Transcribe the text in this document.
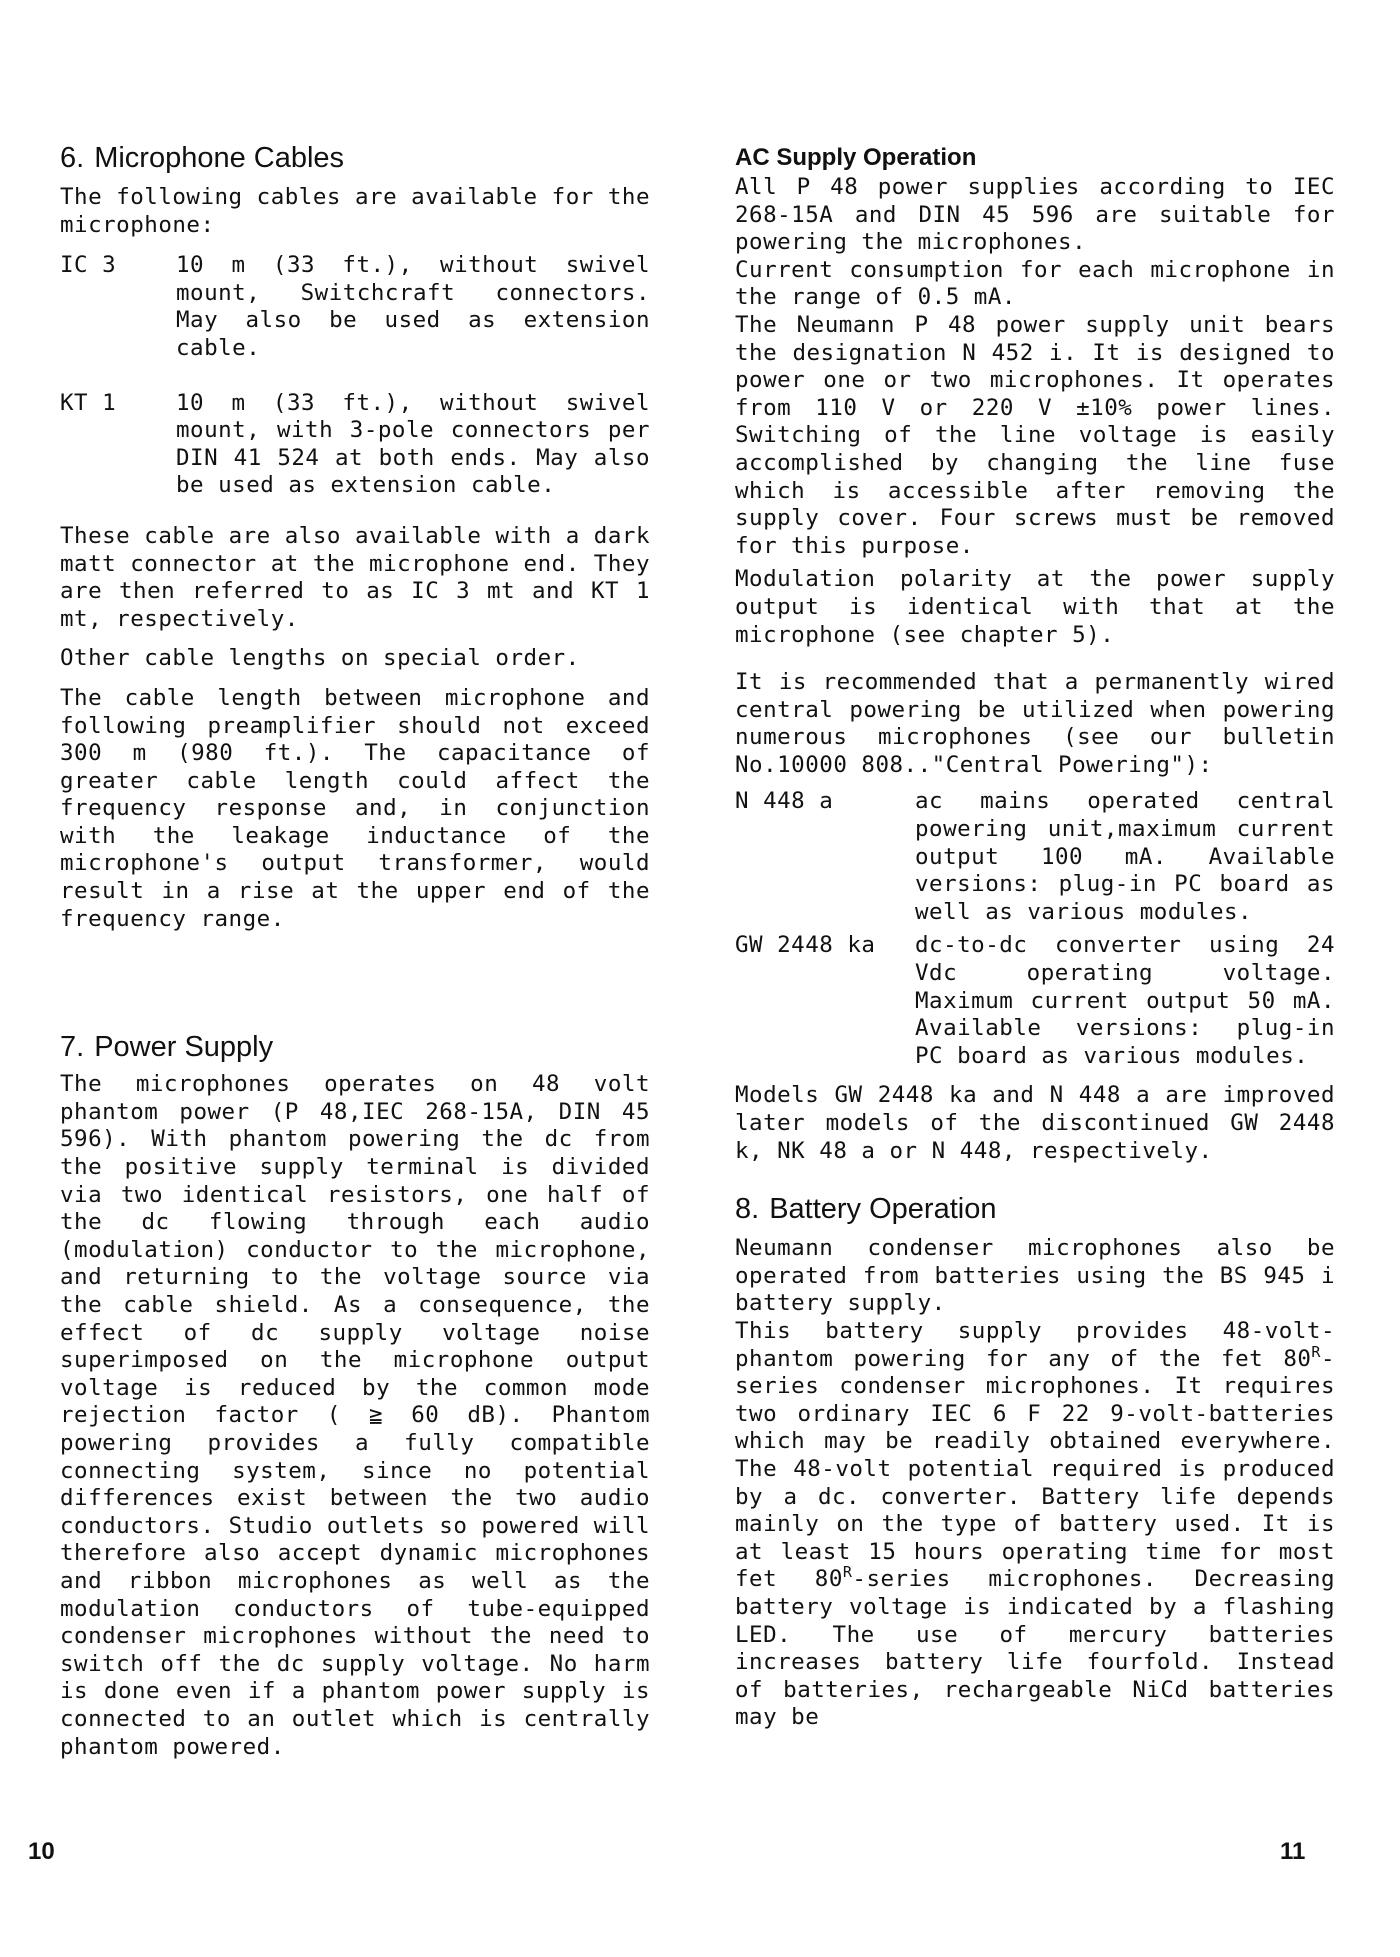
6. Microphone Cables

The following cables are available for the microphone:

IC 3	10 m (33 ft.), without swivel mount, Switchcraft connectors. May also be used as extension cable.
KT 1	10 m (33 ft.), without swivel mount, with 3-pole connectors per DIN 41 524 at both ends. May also be used as extension cable.

These cable are also available with a dark matt connector at the microphone end. They are then referred to as IC 3 mt and KT 1 mt, respectively.

Other cable lengths on special order.

The cable length between microphone and following preamplifier should not exceed 300 m (980 ft.). The capacitance of greater cable length could affect the frequency response and, in conjunction with the leakage inductance of the microphone's output transformer, would result in a rise at the upper end of the frequency range.

7. Power Supply

The microphones operates on 48 volt phantom power (P 48,IEC 268-15A, DIN 45 596). With phantom powering the dc from the positive supply terminal is divided via two identical resistors, one half of the dc flowing through each audio (modulation) conductor to the microphone, and returning to the voltage source via the cable shield. As a consequence, the effect of dc supply voltage noise superimposed on the microphone output voltage is reduced by the common mode rejection factor ( ≧ 60 dB). Phantom powering provides a fully compatible connecting system, since no potential differences exist between the two audio conductors. Studio outlets so powered will therefore also accept dynamic microphones and ribbon microphones as well as the modulation conductors of tube-equipped condenser microphones without the need to switch off the dc supply voltage. No harm is done even if a phantom power supply is connected to an outlet which is centrally phantom powered.

AC Supply Operation

All P 48 power supplies according to IEC 268-15A and DIN 45 596 are suitable for powering the microphones.

Current consumption for each microphone in the range of 0.5 mA.

The Neumann P 48 power supply unit bears the designation N 452 i. It is designed to power one or two microphones. It operates from 110 V or 220 V ±10% power lines. Switching of the line voltage is easily accomplished by changing the line fuse which is accessible after removing the supply cover. Four screws must be removed for this purpose.

Modulation polarity at the power supply output is identical with that at the microphone (see chapter 5).

It is recommended that a permanently wired central powering be utilized when powering numerous microphones (see our bulletin No.10000 808.."Central Powering"):

N 448 a	ac mains operated central powering unit,maximum current output 100 mA. Available versions: plug-in PC board as well as various modules.
GW 2448 ka	dc-to-dc converter using 24 Vdc operating voltage. Maximum current output 50 mA. Available versions: plug-in PC board as various modules.

Models GW 2448 ka and N 448 a are improved later models of the discontinued GW 2448 k, NK 48 a or N 448, respectively.

8. Battery Operation

Neumann condenser microphones also be operated from batteries using the BS 945 i battery supply.

This battery supply provides 48-volt-phantom powering for any of the fet $80^R$-series condenser microphones. It requires two ordinary IEC 6 F 22 9-volt-batteries which may be readily obtained everywhere. The 48-volt potential required is produced by a dc. converter. Battery life depends mainly on the type of battery used. It is at least 15 hours operating time for most fet $80^R$-series microphones. Decreasing battery voltage is indicated by a flashing LED. The use of mercury batteries increases battery life fourfold. Instead of batteries, rechargeable NiCd batteries may be

10	11
